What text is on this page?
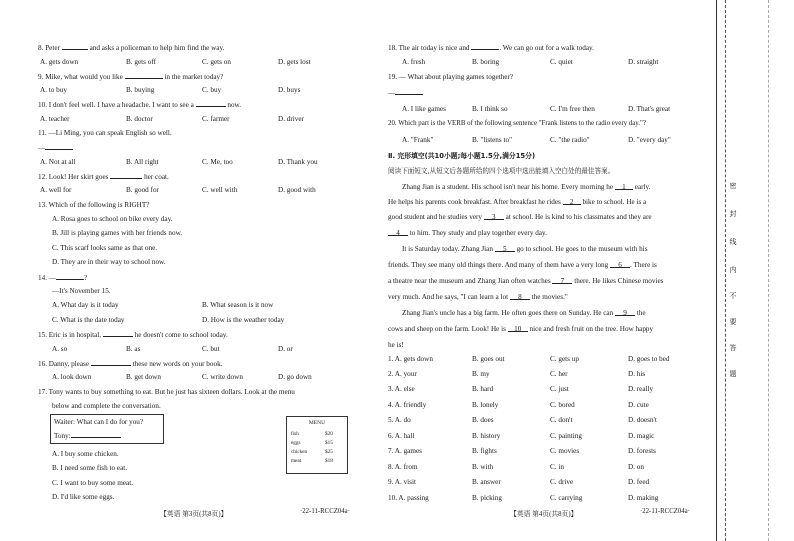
8. Peter	and asks a policeman to help him find the way.
A. gets down	B. gets off	C. gets on	D. gets lost
9. Mike, what would you like	in the market today?
A. to buy	B. buying	C. buy	D. buys
10. I don't feel well. I have a headache. I want to see a	now.
A. teacher	B. doctor	C. farmer	D. driver
11. —Li Ming, you can speak English so well.
—
A. Not at all	B. All right	C. Me, too	D. Thank you
12. Look! Her skirt goes	her coat.
A. well for	B. good for	C. well with	D. good with
13. Which of the following is RIGHT?
A. Rosa goes to school on bike every day.
B. Jill is playing games with her friends now.
C. This scarf looks same as that one.
D. They are in their way to school now.
14. —	?
—It's November 15.
A. What day is it today	B. What season is it now
C. What is the date today	D. How is the weather today
15. Eric is in hospital,	he doesn't come to school today.
A. so	B. as	C. but	D. or
16. Danny, please	these new words on your book.
A. look down	B. get down	C. write down	D. go down
17. Tony wants to buy something to eat. But he just has sixteen dollars. Look at the menu
below and complete the conversation.
Waiter: What can I do for you?
Tony:
MENU
fish	$20
eggs	$15
chicken	$25
meat	$18
A. I buy some chicken.
B. I need some fish to eat.
C. I want to buy some meat.
D. I'd like some eggs.
【英语 第3页(共8页)】	·22-11-RCCZ04a·
18. The air today is nice and	. We can go out for a walk today.
A. fresh	B. boring	C. quiet	D. straight
19. — What about playing games together?
—
A. I like games	B. I think so	C. I'm free then	D. That's great
20. Which part is the VERB of the following sentence "Frank listens to the radio every day."?
A. "Frank"	B. "listens to"	C. "the radio"	D. "every day"
Ⅱ. 完形填空(共10小题;每小题1.5分,满分15分)
阅读下面短文,从短文后各题所给的四个选项中选出能填入空白处的最佳答案。
Zhang Jian is a student. His school isn't near his home. Every morning he 1 early.
He helps his parents cook breakfast. After breakfast he rides 2 bike to school. He is a
good student and he studies very 3 at school. He is kind to his classmates and they are
4 to him. They study and play together every day.
It is Saturday today. Zhang Jian 5 go to school. He goes to the museum with his
friends. They see many old things there. And many of them have a very long 6 . There is
a theatre near the museum and Zhang Jian often watches 7 there. He likes Chinese movies
very much. And he says, "I can learn a lot 8 the movies."
Zhang Jian's uncle has a big farm. He often goes there on Sunday. He can 9 the
cows and sheep on the farm. Look! He is 10 nice and fresh fruit on the tree. How happy
he is!
1. A. gets down	B. goes out	C. gets up	D. goes to bed
2. A. your	B. my	C. her	D. his
3. A. else	B. hard	C. just	D. really
4. A. friendly	B. lonely	C. bored	D. cute
5. A. do	B. does	C. don't	D. doesn't
6. A. hall	B. history	C. painting	D. magic
7. A. games	B. fights	C. movies	D. forests
8. A. from	B. with	C. in	D. on
9. A. visit	B. answer	C. drive	D. feed
10. A. passing	B. picking	C. carrying	D. making
【英语 第4页(共8页)】	·22-11-RCCZ04a·
密
封
线
内
不
要
答
题
